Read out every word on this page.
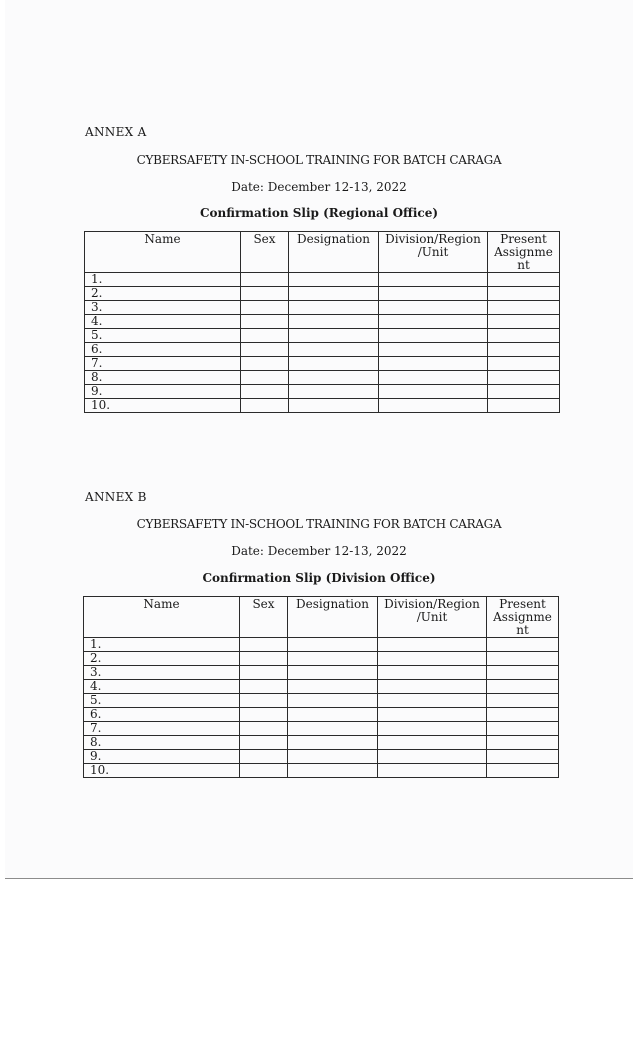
ANNEX A
CYBERSAFETY IN-SCHOOL TRAINING FOR BATCH CARAGA
Date: December 12-13, 2022
Confirmation Slip (Regional Office)
Name	Sex	Designation	Division/Region /Unit	Present Assignme nt
1.				
2.				
3.				
4.				
5.				
6.				
7.				
8.				
9.				
10.				
ANNEX B
CYBERSAFETY IN-SCHOOL TRAINING FOR BATCH CARAGA
Date: December 12-13, 2022
Confirmation Slip (Division Office)
Name	Sex	Designation	Division/Region /Unit	Present Assignme nt
1.				
2.				
3.				
4.				
5.				
6.				
7.				
8.				
9.				
10.				
